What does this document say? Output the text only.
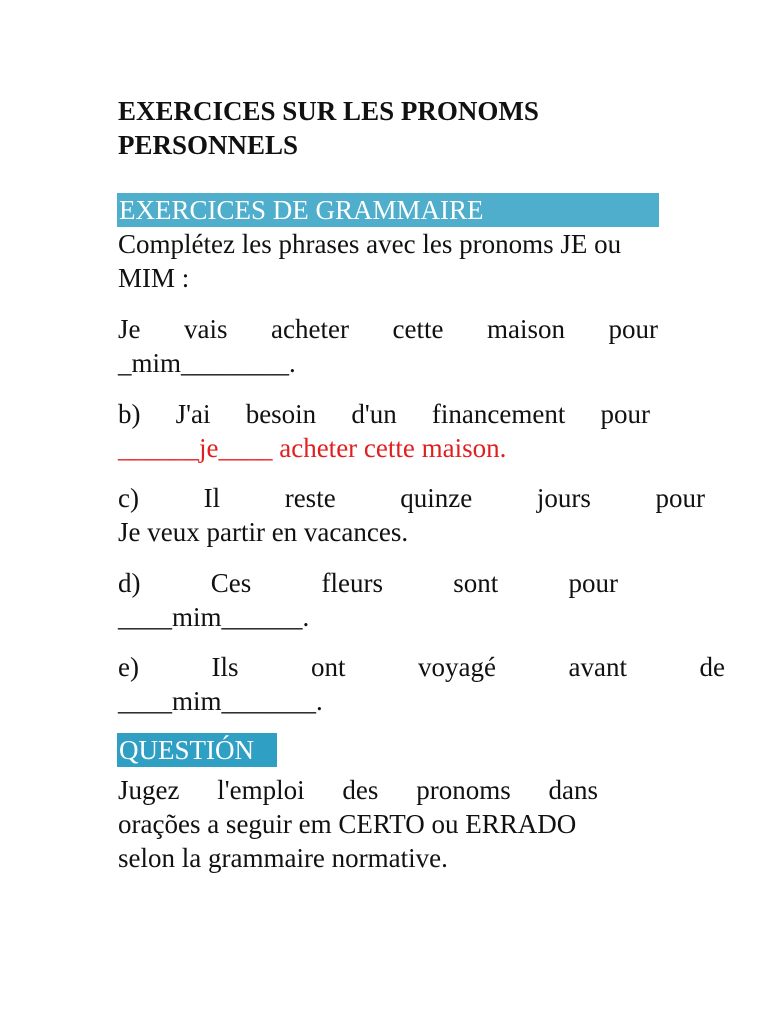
EXERCICES SUR LES PRONOMS
PERSONNELS
EXERCICES DE GRAMMAIRE

Complétez les phrases avec les pronoms JE ou
MIM :

Je vais acheter cette maison pour
_mim________.

b) J'ai besoin d'un financement pour
______je____ acheter cette maison.

c) Il reste quinze jours pour
Je veux partir en vacances.

d) Ces fleurs sont pour
____mim______.

e) Ils ont voyagé avant de
____mim_______.

QUESTIÓN

Jugez l'emploi des pronoms dans
orações a seguir em CERTO ou ERRADO
selon la grammaire normative.
